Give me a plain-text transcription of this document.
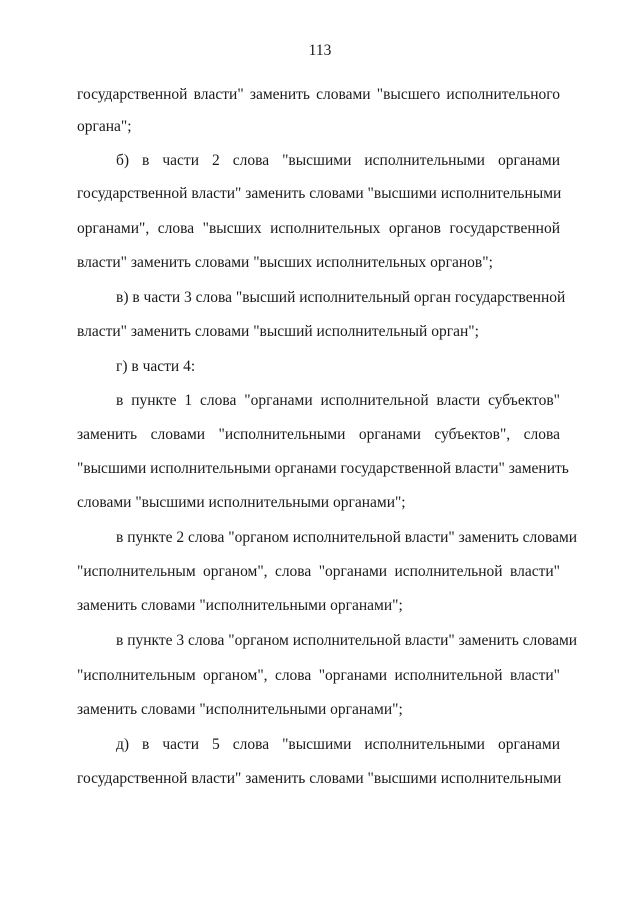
113
государственной власти" заменить словами "высшего исполнительного
органа";
б) в части 2 слова "высшими исполнительными органами
государственной власти" заменить словами "высшими исполнительными
органами", слова "высших исполнительных органов государственной
власти" заменить словами "высших исполнительных органов";
в) в части 3 слова "высший исполнительный орган государственной
власти" заменить словами "высший исполнительный орган";
г) в части 4:
в пункте 1 слова "органами исполнительной власти субъектов"
заменить словами "исполнительными органами субъектов", слова
"высшими исполнительными органами государственной власти" заменить
словами "высшими исполнительными органами";
в пункте 2 слова "органом исполнительной власти" заменить словами
"исполнительным органом", слова "органами исполнительной власти"
заменить словами "исполнительными органами";
в пункте 3 слова "органом исполнительной власти" заменить словами
"исполнительным органом", слова "органами исполнительной власти"
заменить словами "исполнительными органами";
д) в части 5 слова "высшими исполнительными органами
государственной власти" заменить словами "высшими исполнительными
